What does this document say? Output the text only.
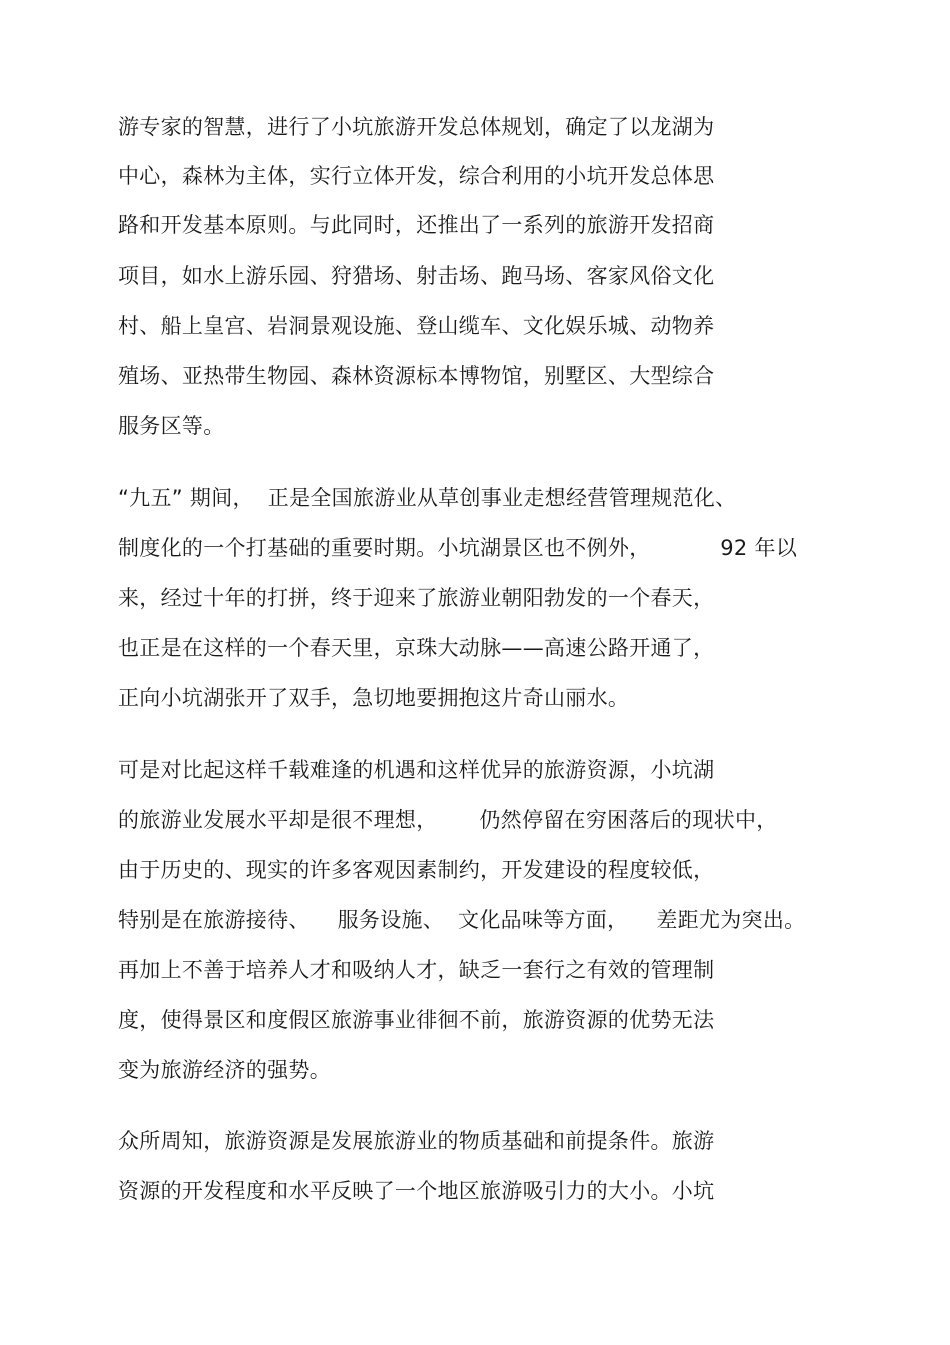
游专家的智慧，进行了小坑旅游开发总体规划，确定了以龙湖为

中心，森林为主体，实行立体开发，综合利用的小坑开发总体思

路和开发基本原则。与此同时，还推出了一系列的旅游开发招商

项目，如水上游乐园、狩猎场、射击场、跑马场、客家风俗文化

村、船上皇宫、岩洞景观设施、登山缆车、文化娱乐城、动物养

殖场、亚热带生物园、森林资源标本博物馆，别墅区、大型综合

服务区等。

“九五” 期间，  正是全国旅游业从草创事业走想经营管理规范化、

制度化的一个打基础的重要时期。小坑湖景区也不例外，          92 年以

来，经过十年的打拼，终于迎来了旅游业朝阳勃发的一个春天，

也正是在这样的一个春天里，京珠大动脉——高速公路开通了，

正向小坑湖张开了双手，急切地要拥抱这片奇山丽水。

可是对比起这样千载难逢的机遇和这样优异的旅游资源，小坑湖

的旅游业发展水平却是很不理想，      仍然停留在穷困落后的现状中，

由于历史的、现实的许多客观因素制约，开发建设的程度较低，

特别是在旅游接待、    服务设施、  文化品味等方面，    差距尤为突出。

再加上不善于培养人才和吸纳人才，缺乏一套行之有效的管理制

度，使得景区和度假区旅游事业徘徊不前，旅游资源的优势无法

变为旅游经济的强势。

众所周知，旅游资源是发展旅游业的物质基础和前提条件。旅游

资源的开发程度和水平反映了一个地区旅游吸引力的大小。小坑
